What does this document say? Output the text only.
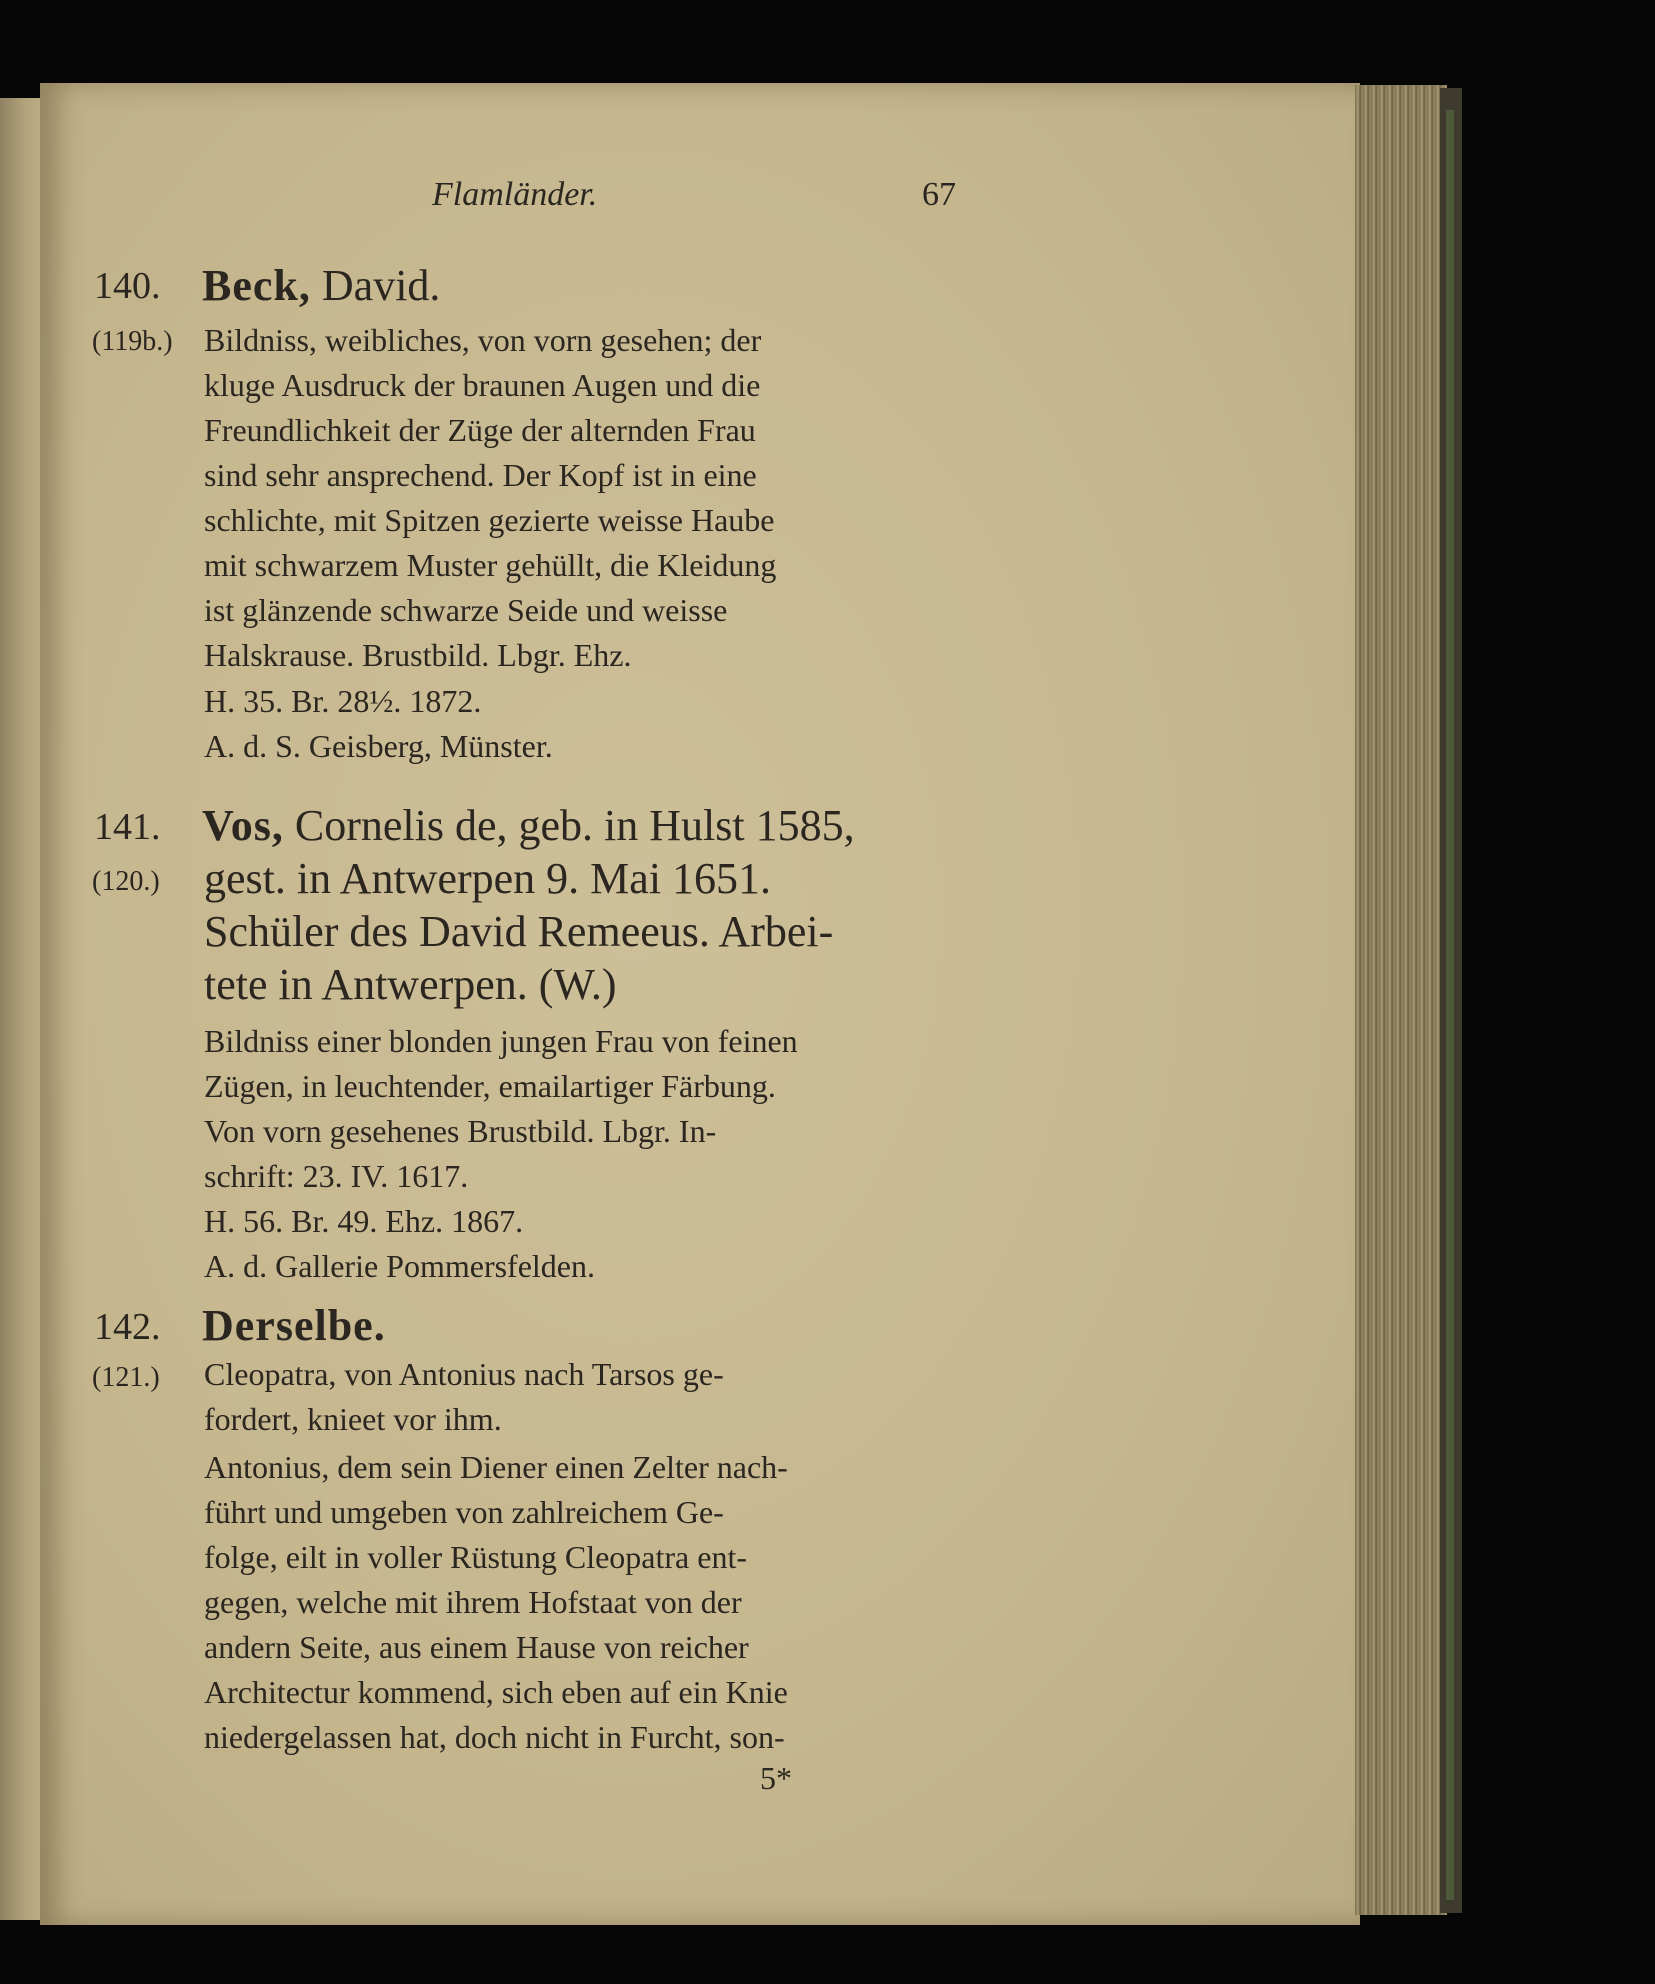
Flamländer.	67
140. Beck, David.
(119b.) Bildniss, weibliches, von vorn gesehen; der
kluge Ausdruck der braunen Augen und die
Freundlichkeit der Züge der alternden Frau
sind sehr ansprechend. Der Kopf ist in eine
schlichte, mit Spitzen gezierte weisse Haube
mit schwarzem Muster gehüllt, die Kleidung
ist glänzende schwarze Seide und weisse
Halskrause. Brustbild. Lbgr. Ehz.
H. 35. Br. 28½. 1872.
A. d. S. Geisberg, Münster.
141. Vos, Cornelis de, geb. in Hulst 1585,
(120.) gest. in Antwerpen 9. Mai 1651.
Schüler des David Remeeus. Arbei-
tete in Antwerpen. (W.)
Bildniss einer blonden jungen Frau von feinen
Zügen, in leuchtender, emailartiger Färbung.
Von vorn gesehenes Brustbild. Lbgr. In-
schrift: 23. IV. 1617.
H. 56. Br. 49. Ehz. 1867.
A. d. Gallerie Pommersfelden.
142. Derselbe.
(121.) Cleopatra, von Antonius nach Tarsos ge-
fordert, knieet vor ihm.
Antonius, dem sein Diener einen Zelter nach-
führt und umgeben von zahlreichem Ge-
folge, eilt in voller Rüstung Cleopatra ent-
gegen, welche mit ihrem Hofstaat von der
andern Seite, aus einem Hause von reicher
Architectur kommend, sich eben auf ein Knie
niedergelassen hat, doch nicht in Furcht, son-
5*
